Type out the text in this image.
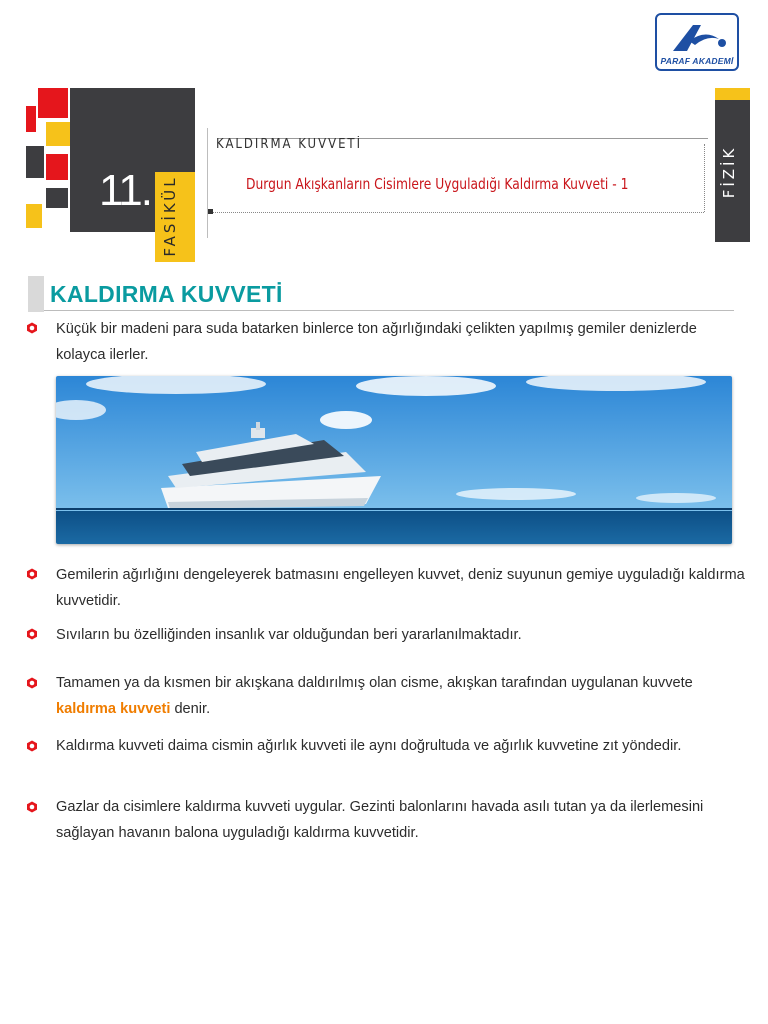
PARAF AKADEMİ
11. FASİKÜL
KALDIRMA KUVVETİ
Durgun Akışkanların Cisimlere Uyguladığı Kaldırma Kuvveti - 1	FİZİK
KALDIRMA KUVVETİ
Küçük bir madeni para suda batarken binlerce ton ağırlığındaki çelikten yapılmış gemiler denizlerde kolayca ilerler.
Gemilerin ağırlığını dengeleyerek batmasını engelleyen kuvvet, deniz suyunun gemiye uyguladığı kaldırma kuvvetidir.
Sıvıların bu özelliğinden insanlık var olduğundan beri yararlanılmaktadır.
Tamamen ya da kısmen bir akışkana daldırılmış olan cisme, akışkan tarafından uygulanan kuvvete kaldırma kuvveti denir.
Kaldırma kuvveti daima cismin ağırlık kuvveti ile aynı doğrultuda ve ağırlık kuvvetine zıt yöndedir.
Gazlar da cisimlere kaldırma kuvveti uygular. Gezinti balonlarını havada asılı tutan ya da ilerlemesini sağlayan havanın balona uyguladığı kaldırma kuvvetidir.
